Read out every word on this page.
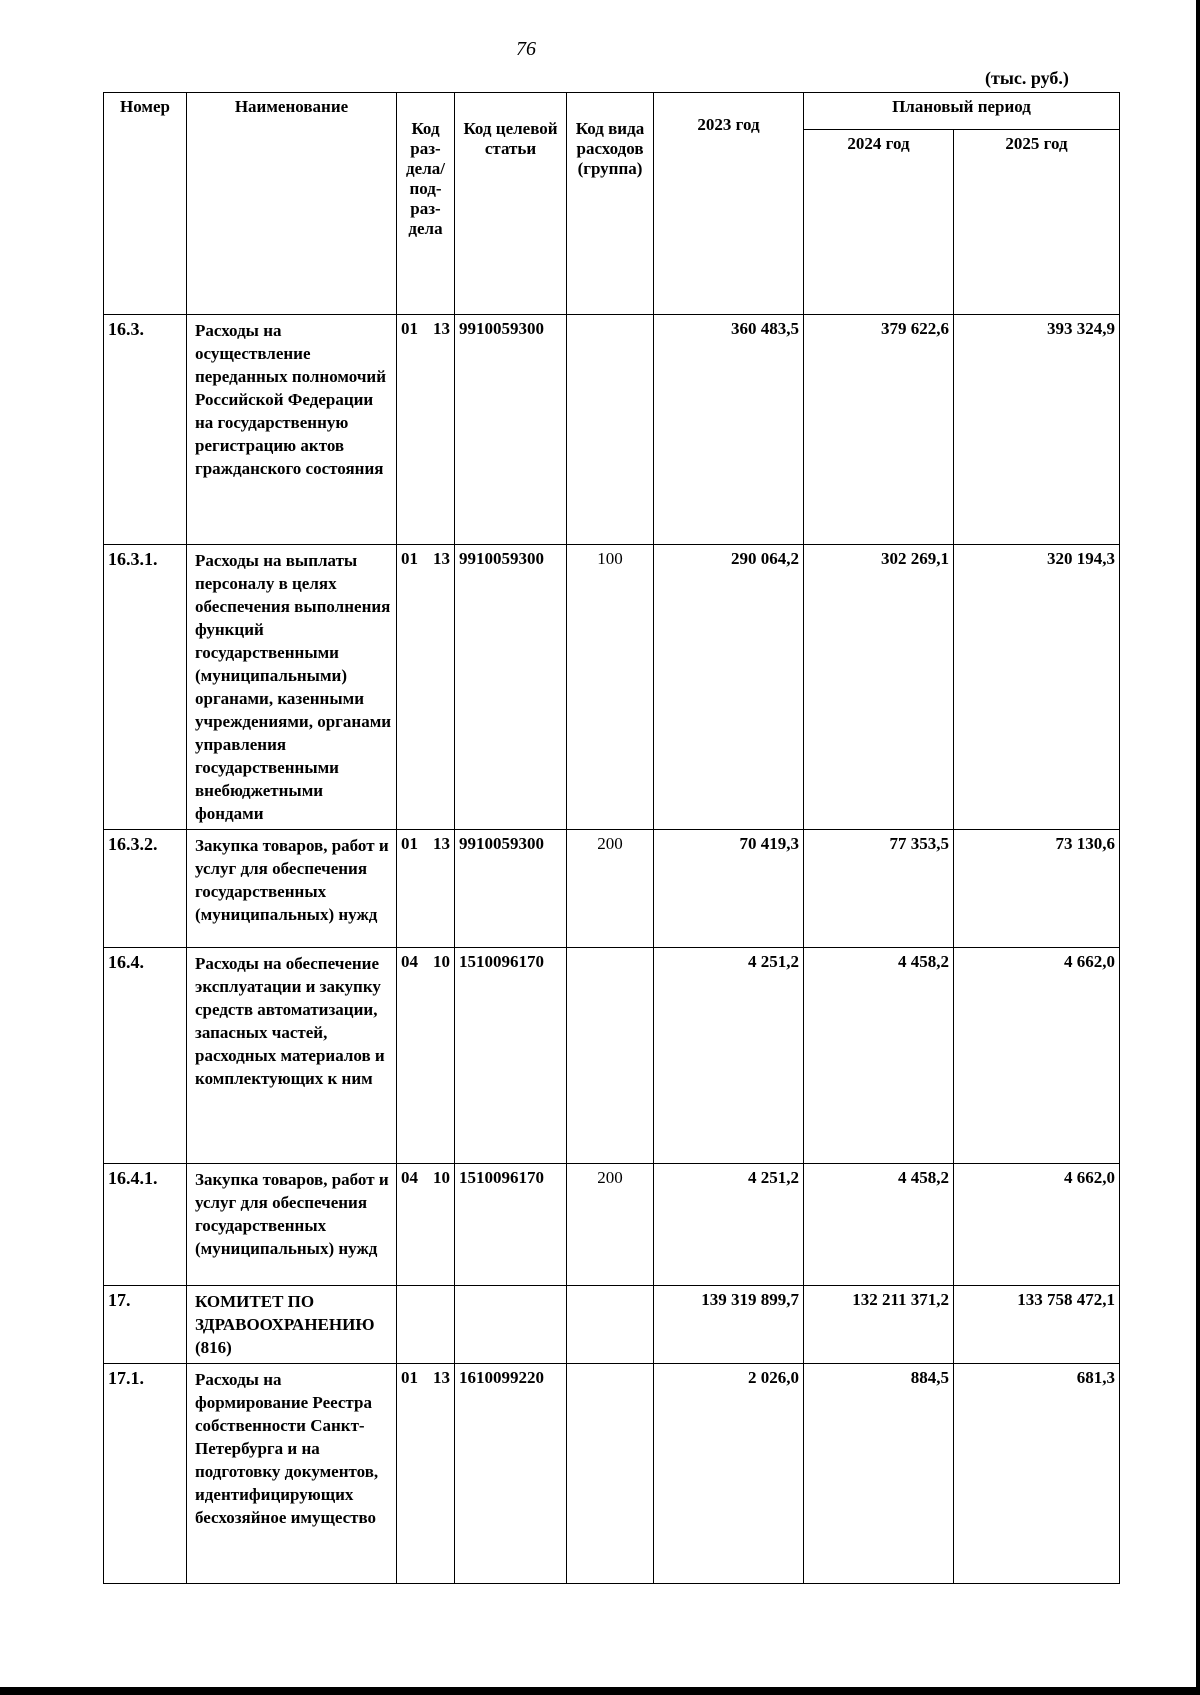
76
(тыс. руб.)
Номер	Наименование	Код раз-дела/ под-раз-дела	Код целевой статьи	Код вида расходов (группа)	2023 год	Плановый период	
						2024 год	2025 год
16.3.	Расходы на осуществление переданных полномочий Российской Федерации на государственную регистрацию актов гражданского состояния	01 13	9910059300		360 483,5	379 622,6	393 324,9
16.3.1.	Расходы на выплаты персоналу в целях обеспечения выполнения функций государственными (муниципальными) органами, казенными учреждениями, органами управления государственными внебюджетными фондами	01 13	9910059300	100	290 064,2	302 269,1	320 194,3
16.3.2.	Закупка товаров, работ и услуг для обеспечения государственных (муниципальных) нужд	01 13	9910059300	200	70 419,3	77 353,5	73 130,6
16.4.	Расходы на обеспечение эксплуатации и закупку средств автоматизации, запасных частей, расходных материалов и комплектующих к ним	04 10	1510096170		4 251,2	4 458,2	4 662,0
16.4.1.	Закупка товаров, работ и услуг для обеспечения государственных (муниципальных) нужд	04 10	1510096170	200	4 251,2	4 458,2	4 662,0
17.	КОМИТЕТ ПО ЗДРАВООХРАНЕНИЮ (816)				139 319 899,7	132 211 371,2	133 758 472,1
17.1.	Расходы на формирование Реестра собственности Санкт-Петербурга и на подготовку документов, идентифицирующих бесхозяйное имущество	01 13	1610099220		2 026,0	884,5	681,3
